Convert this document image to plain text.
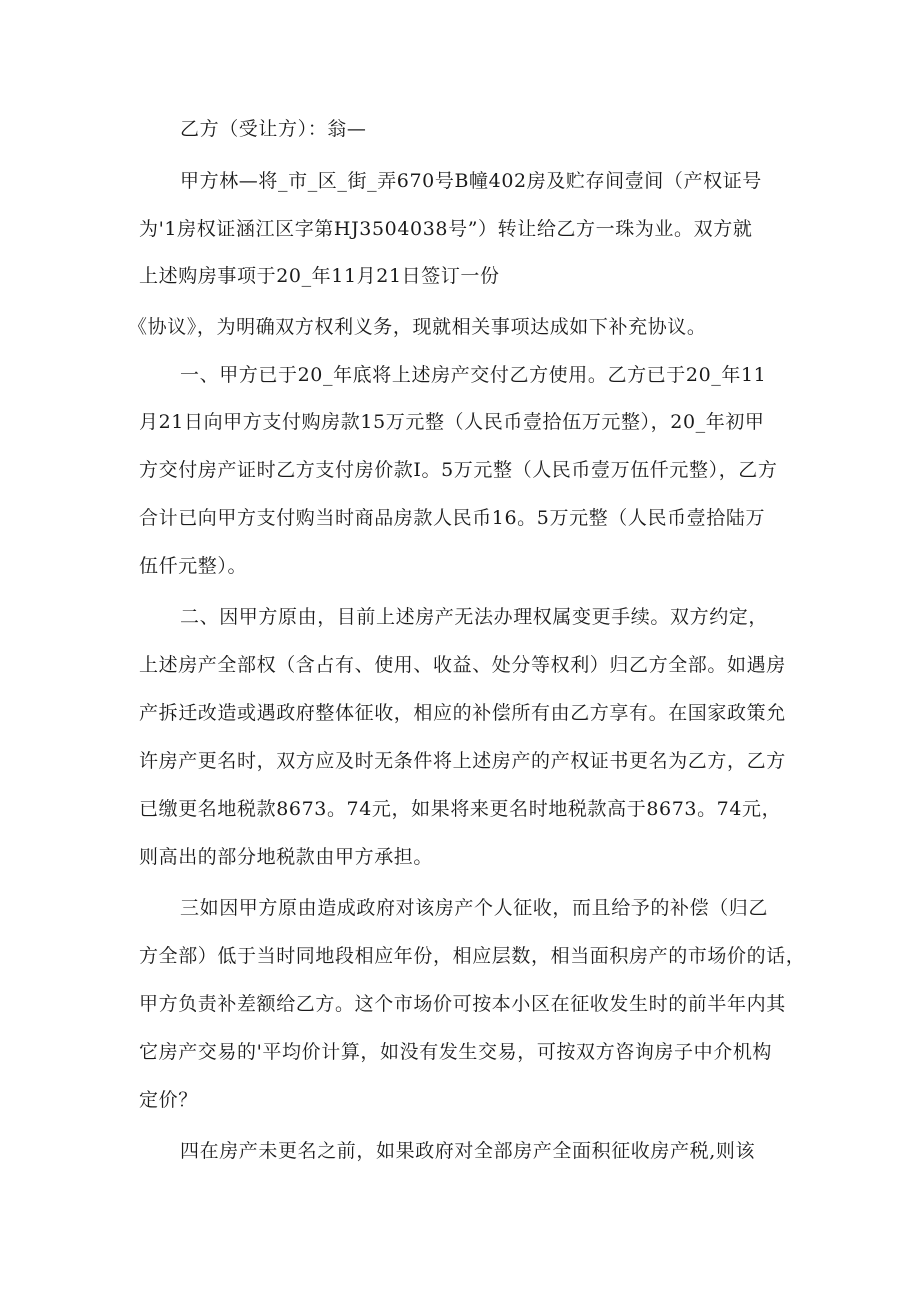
乙方（受让方）：翁—
甲方林—将_市_区_街_弄670号B幢402房及贮存间壹间（产权证号
为'1房权证涵江区字第HJ3504038号”）转让给乙方一珠为业。双方就
上述购房事项于20_年11月21日签订一份
《协议》，为明确双方权利义务，现就相关事项达成如下补充协议。
一、甲方已于20_年底将上述房产交付乙方使用。乙方已于20_年11
月21日向甲方支付购房款15万元整（人民币壹拾伍万元整），20_年初甲
方交付房产证时乙方支付房价款I。5万元整（人民币壹万伍仟元整），乙方
合计已向甲方支付购当时商品房款人民币16。5万元整（人民币壹拾陆万
伍仟元整）。
二、因甲方原由，目前上述房产无法办理权属变更手续。双方约定，
上述房产全部权（含占有、使用、收益、处分等权利）归乙方全部。如遇房
产拆迁改造或遇政府整体征收，相应的补偿所有由乙方享有。在国家政策允
许房产更名时，双方应及时无条件将上述房产的产权证书更名为乙方，乙方
已缴更名地税款8673。74元，如果将来更名时地税款高于8673。74元，
则高出的部分地税款由甲方承担。
三如因甲方原由造成政府对该房产个人征收，而且给予的补偿（归乙
方全部）低于当时同地段相应年份，相应层数，相当面积房产的市场价的话，
甲方负责补差额给乙方。这个市场价可按本小区在征收发生时的前半年内其
它房产交易的'平均价计算，如没有发生交易，可按双方咨询房子中介机构
定价？
四在房产未更名之前，如果政府对全部房产全面积征收房产税,则该
